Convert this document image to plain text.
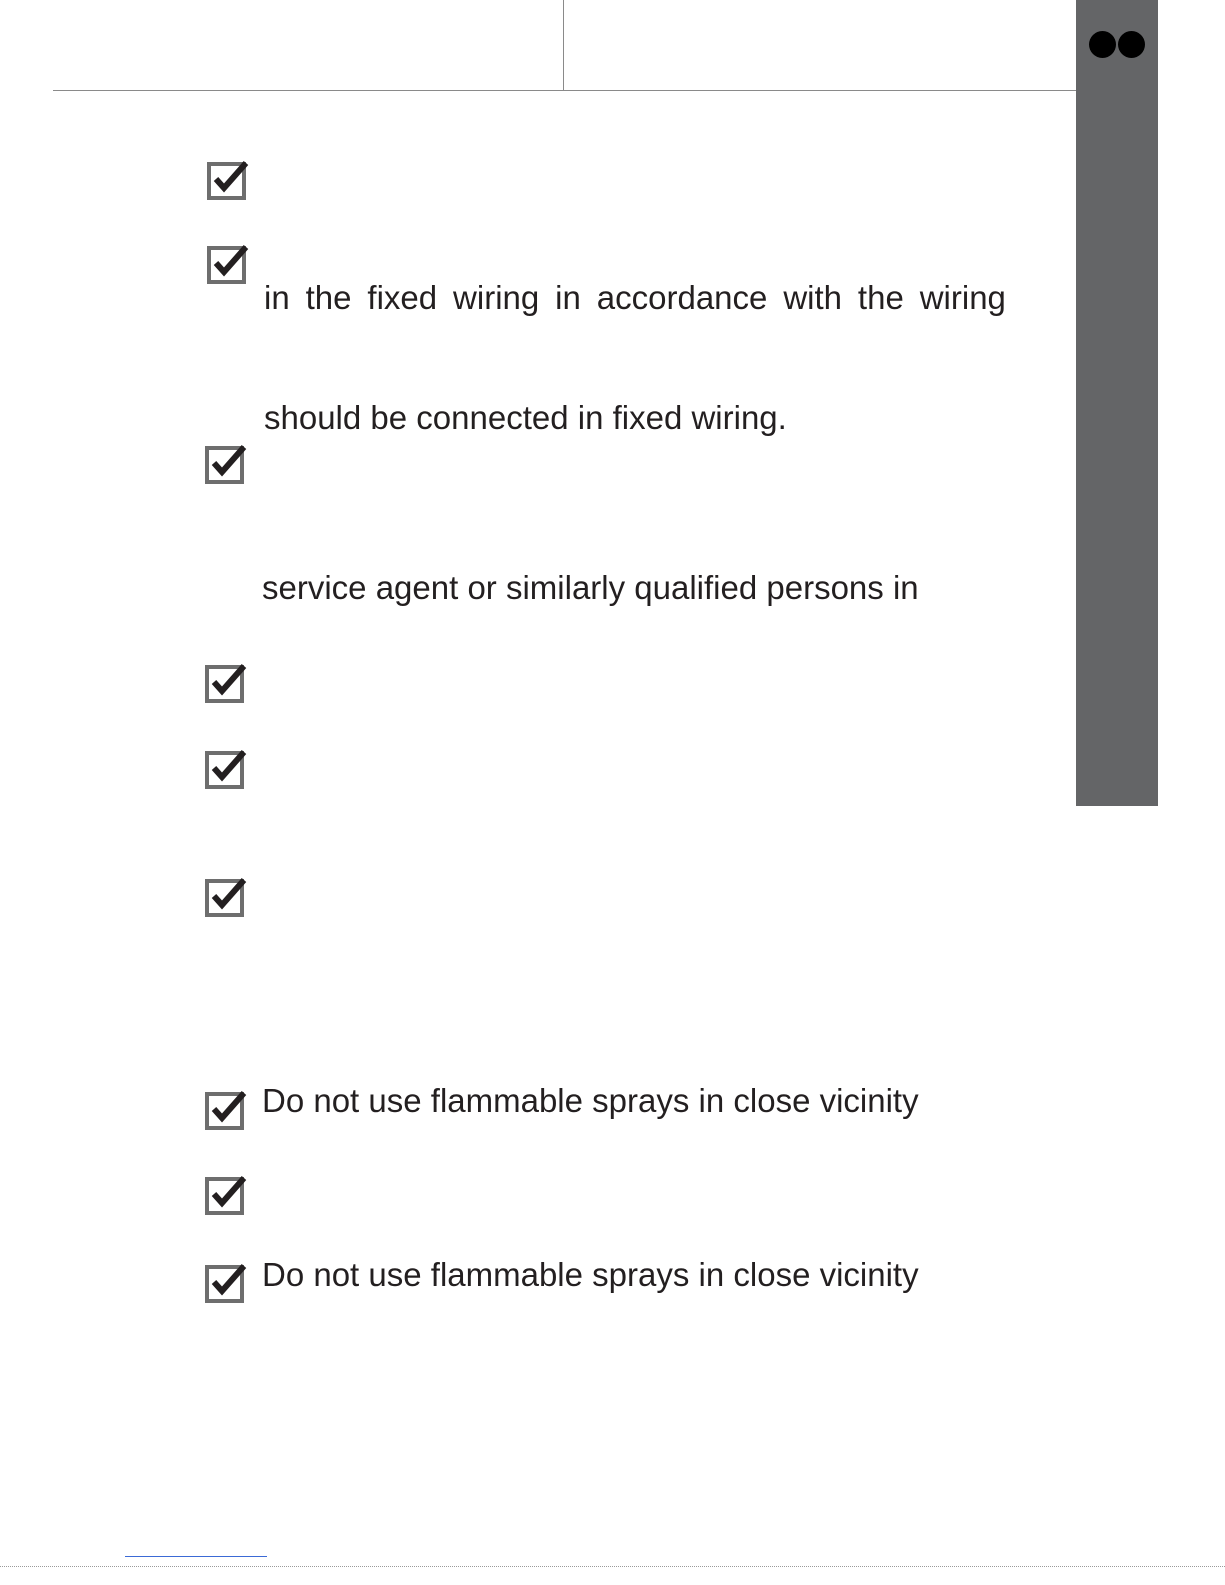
in the fixed wiring in accordance with the wiring
should be connected in fixed wiring.
service agent or similarly qualified persons in
Do not use flammable sprays in close vicinity
Do not use flammable sprays in close vicinity
